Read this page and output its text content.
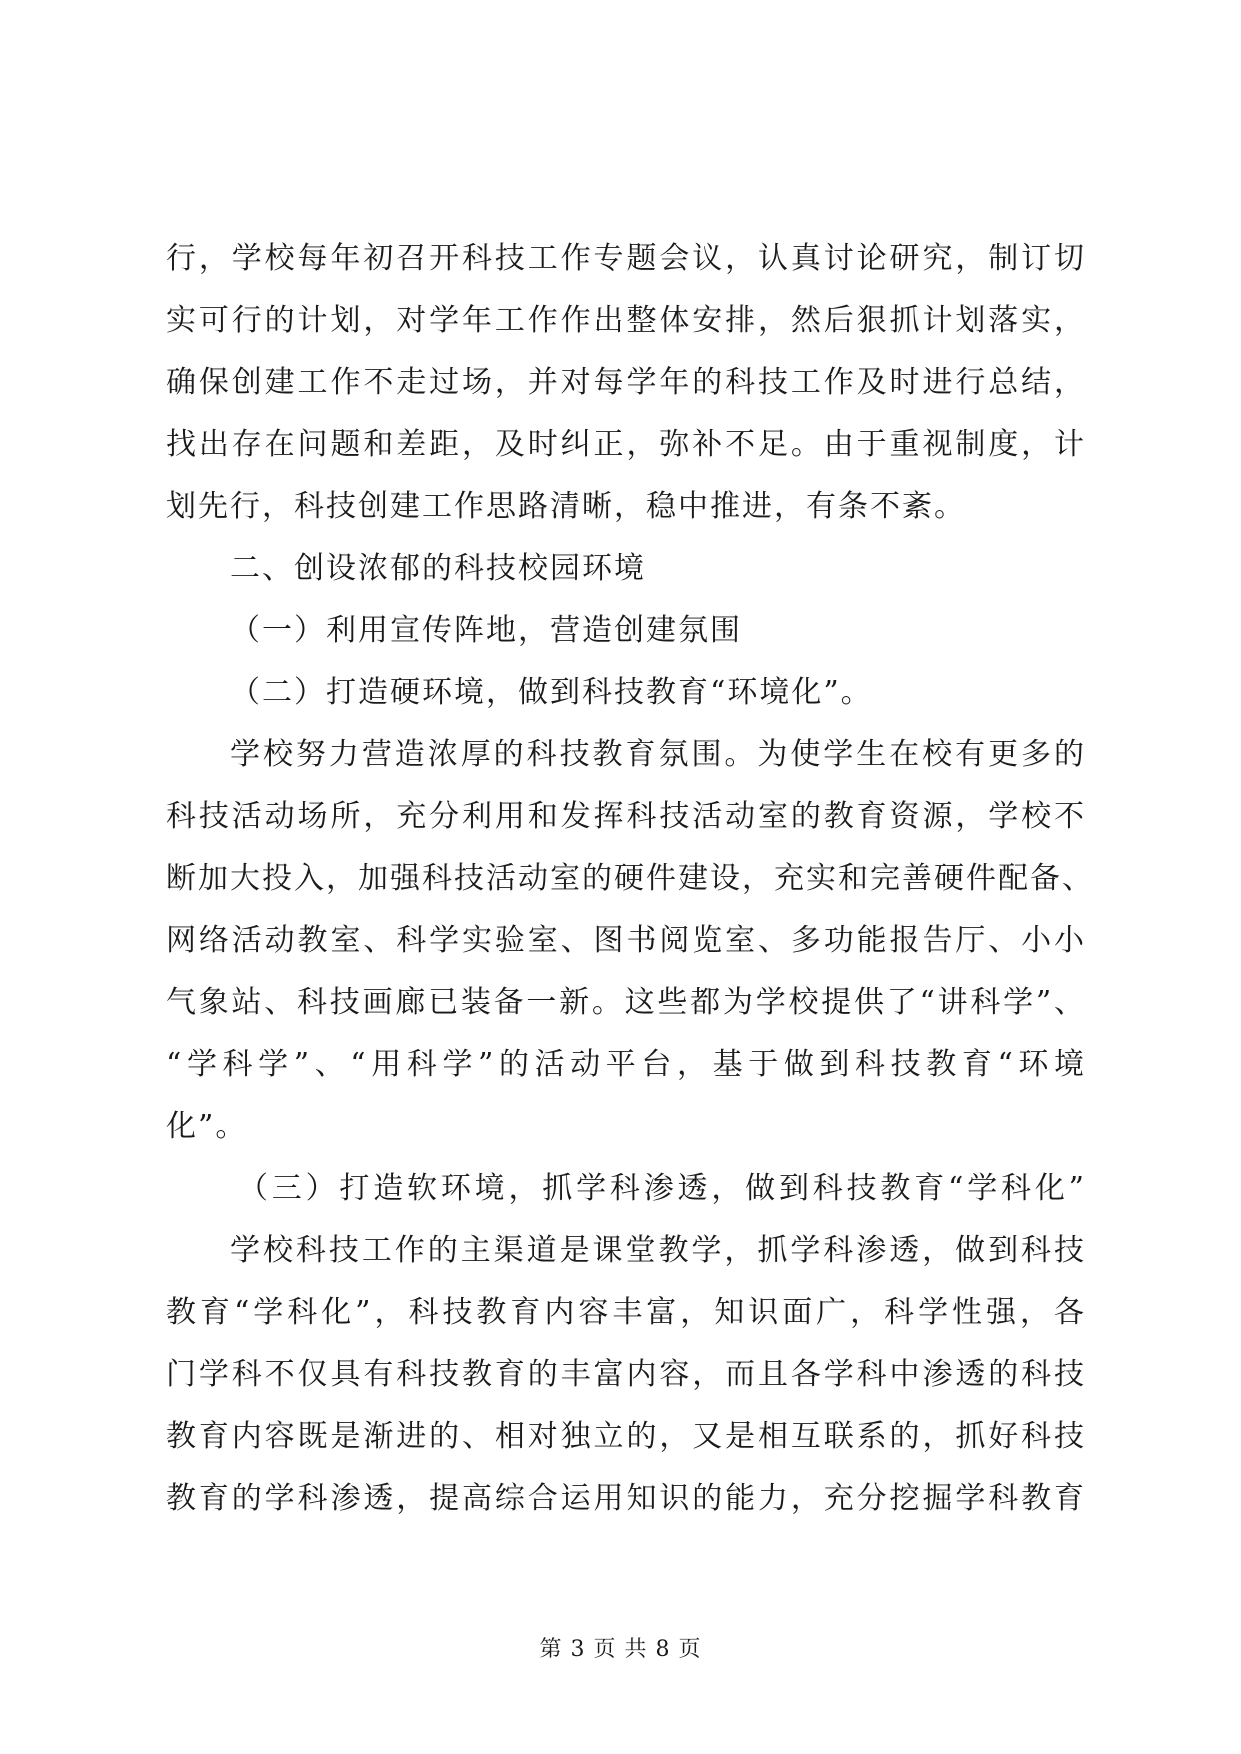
行，学校每年初召开科技工作专题会议，认真讨论研究，制订切
实可行的计划，对学年工作作出整体安排，然后狠抓计划落实，
确保创建工作不走过场，并对每学年的科技工作及时进行总结，
找出存在问题和差距，及时纠正，弥补不足。由于重视制度，计
划先行，科技创建工作思路清晰，稳中推进，有条不紊。
二、创设浓郁的科技校园环境
（一）利用宣传阵地，营造创建氛围
（二）打造硬环境，做到科技教育“环境化”。
学校努力营造浓厚的科技教育氛围。为使学生在校有更多的
科技活动场所，充分利用和发挥科技活动室的教育资源，学校不
断加大投入，加强科技活动室的硬件建设，充实和完善硬件配备、
网络活动教室、科学实验室、图书阅览室、多功能报告厅、小小
气象站、科技画廊已装备一新。这些都为学校提供了“讲科学”、
“学科学”、“用科学”的活动平台，基于做到科技教育“环境
化”。
（三）打造软环境，抓学科渗透，做到科技教育“学科化”
学校科技工作的主渠道是课堂教学，抓学科渗透，做到科技
教育“学科化”，科技教育内容丰富，知识面广，科学性强，各
门学科不仅具有科技教育的丰富内容，而且各学科中渗透的科技
教育内容既是渐进的、相对独立的，又是相互联系的，抓好科技
教育的学科渗透，提高综合运用知识的能力，充分挖掘学科教育
第 3 页 共 8 页
